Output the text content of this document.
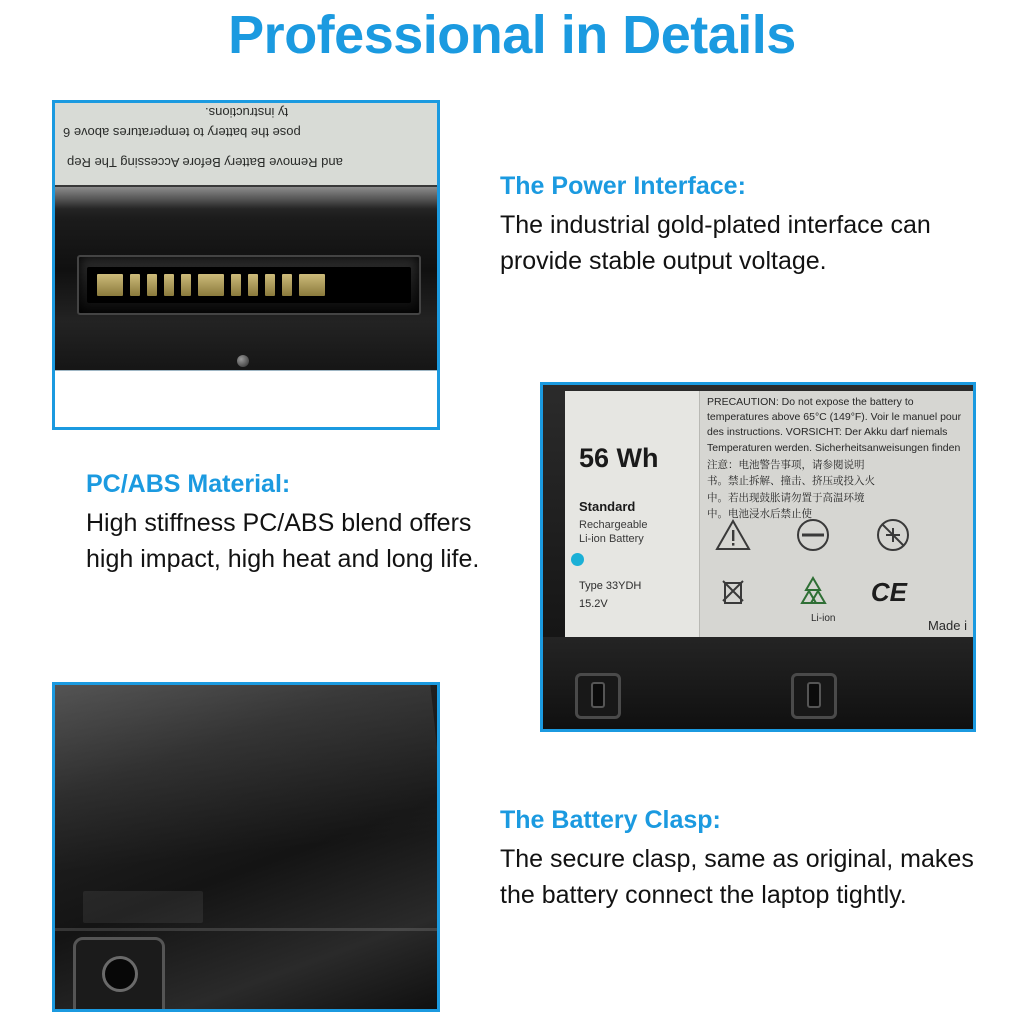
Professional in Details
ty instructions.
pose the battery to temperatures above 6
and Remove Battery Before Accessing The Rep
The Power Interface:

The industrial gold-plated interface can provide stable output voltage.

PC/ABS Material:

High stiffness PC/ABS blend offers high impact, high heat and long life.

56 Wh
Standard
Rechargeable
Li-ion Battery
Type 33YDH
15.2V
PRECAUTION: Do not expose the battery to temperatures above 65°C (149°F). Voir le manuel pour des instructions. VORSICHT: Der Akku darf niemals Temperaturen werden. Sicherheitsanweisungen finden
注意：电池警告事项，请参閱说明书。禁止拆解、撞击、挤压或投入火中。若出现鼓胀请勿置于高温环境中。电池浸水后禁止使
Li-ion
CE
Made i
The Battery Clasp:

The secure clasp, same as original, makes the battery connect the laptop tightly.
